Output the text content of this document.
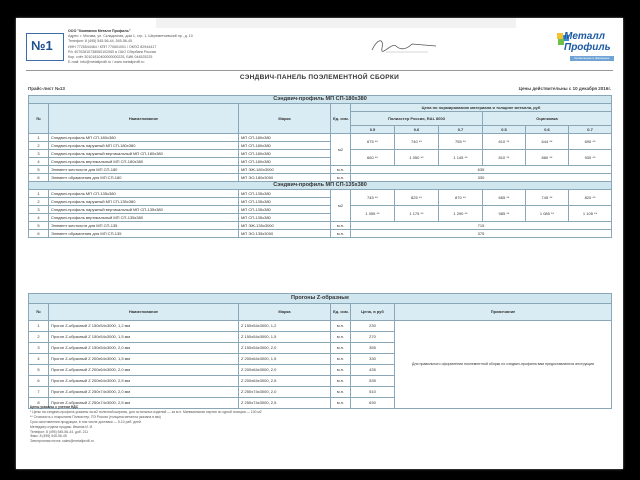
№1
ООО "Компания Металл Профиль"
Адрес: г. Москва, ул. Складочная, дом 1, стр. 1, Шереметьевский пр., д. 10
Телефон: 8 (495) 545-56-44, 545-56-45
ИНН 7725544464 / КПП 770601001 / ОКПО 82944417
Р/с 40702810738060102060 в ОАО Сбербанк России
Кор. счёт 30101810400000000225, БИК 044525225
E-mail: info@metallprofil.ru / www.metallprofil.ru
Металл
Профиль
Кровельные и фасадные системы
СЭНДВИЧ-ПАНЕЛЬ ПОЭЛЕМЕНТНОЙ СБОРКИ
Прайс-лист №13	Цены действительны с 10 декабря 2016г.
Сэндвич-профиль МП СП-180х380									
№	Наименование	Марка	Ед. изм.	Цена по нормированию материала и толщине металла, руб					
				Полиэстер Россия, RAL 8003			Оцинковка		
				0.5	0.6	0.7	0.5	0.6	0.7
1	Сэндвич-профиль МП СП-180х380	МП СП-180х380	м2	675 **	740 **	755 **	610 **	644 **	690 **
2	Сэндвич-профиль наружный МП СП-180х380	МП СП-180х380							
3	Сэндвич-профиль наружный вертикальный МП СП-180х380	МП СП-180х380		660 **	1 050 **	1 145 **	810 **	880 **	930 **
4	Сэндвич-профиль вертикальный МП СП-180х380	МП СП-180х380							
5	Элемент жесткости для МП СП-180	МП ЭЖ-180х3000	м.п.	635					
6	Элемент обрамления для МП СП-180	МП ЭО-180х3000	м.п.	330					
Сэндвич-профиль МП СП-135х380									
1	Сэндвич-профиль МП СП-135х380	МП СП-135х380	м2	745 **	825 **	870 **	665 **	745 **	820 **
2	Сэндвич-профиль наружный МП СП-135х380	МП СП-135х380							
3	Сэндвич-профиль наружный вертикальный МП СП-135х380	МП СП-135х380		1 055 **	1 175 **	1 290 **	985 **	1 085 **	1 105 **
4	Сэндвич-профиль вертикальный МП СП-135х380	МП СП-135х380							
5	Элемент жесткости для МП СП-135	МП ЭЖ-135х3000	м.п.	715					
6	Элемент обрамления для МП СП-135	МП ЭО-135х3000	м.п.	375					
Прогоны Z-образные					
№	Наименование	Марка	Ед. изм.	Цена, в руб	Примечание
1	Прогон Z-образный Z 150х54х3000, 1,2 мм	Z 150х54х3000, 1,2	м.п.	230	Для правильного оформления поэлементной сборки по сэндвич-профилю вам предоставляются инструкции
2	Прогон Z-образный Z 150х54х3000, 1,5 мм	Z 150х54х3000, 1,5	м.п.	270	
3	Прогон Z-образный Z 150х54х3000, 2,0 мм	Z 150х54х3000, 2,0	м.п.	355	
4	Прогон Z-образный Z 200х64х3000, 1,5 мм	Z 200х64х3000, 1,5	м.п.	330	
5	Прогон Z-образный Z 200х64х3000, 2,0 мм	Z 200х64х3000, 2,0	м.п.	435	
6	Прогон Z-образный Z 200х64х3000, 2,5 мм	Z 200х64х3000, 2,5	м.п.	535	
7	Прогон Z-образный Z 250х74х3000, 2,0 мм	Z 250х74х3000, 2,0	м.п.	510	
8	Прогон Z-образный Z 250х74х3000, 2,5 мм	Z 250х74х3000, 2,5	м.п.	630	
Цены указаны с учетом НДС
* Цены на сэндвич-профиль указаны за м2 полезной ширины, для остальных изделий — за м.п. Минимальная партия по одной позиции — 100 м2
** Стоимость с покрытием Полиэстер, ПЭ Россия (толщина металла указана в мм)
Срок изготовления продукции, в том числе доставки — 5-10 раб. дней
Менеджер отдела продаж: Иванов И. И.
Телефон: 8 (495) 545-56-44, доб. 211
Факс: 8 (495) 545-56-45
Электронная почта: sales@metallprofil.ru
